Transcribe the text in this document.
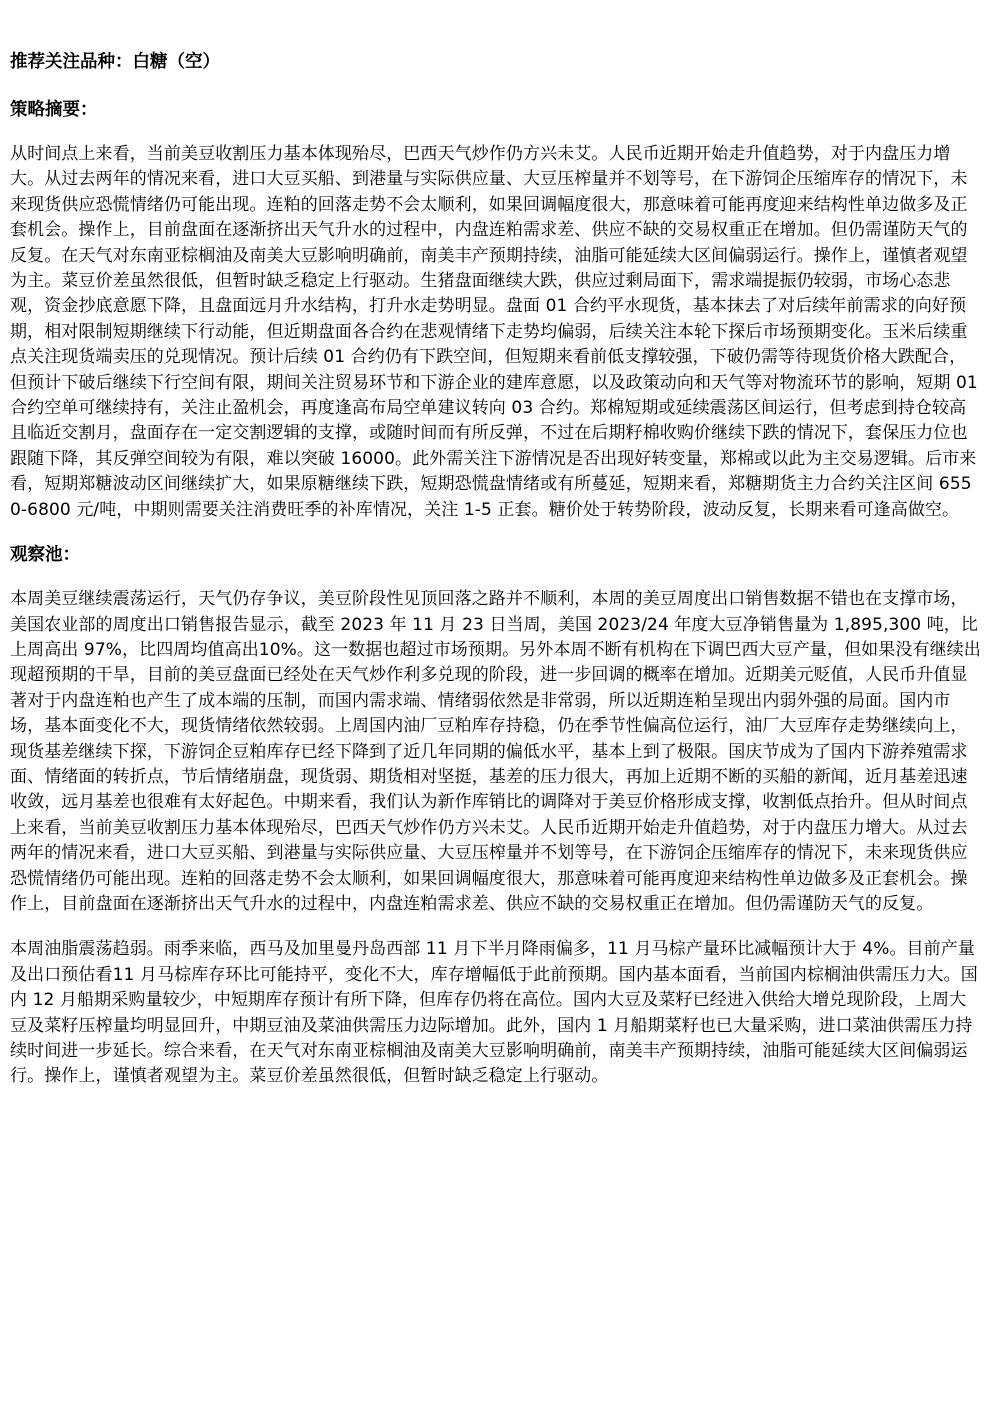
推荐关注品种：白糖（空）

策略摘要：

从时间点上来看，当前美豆收割压力基本体现殆尽，巴西天气炒作仍方兴未艾。人民币近期开始走升值趋势，对于内盘压力增大。从过去两年的情况来看，进口大豆买船、到港量与实际供应量、大豆压榨量并不划等号，在下游饲企压缩库存的情况下，未来现货供应恐慌情绪仍可能出现。连粕的回落走势不会太顺利，如果回调幅度很大，那意味着可能再度迎来结构性单边做多及正套机会。操作上，目前盘面在逐渐挤出天气升水的过程中，内盘连粕需求差、供应不缺的交易权重正在增加。但仍需谨防天气的反复。在天气对东南亚棕榈油及南美大豆影响明确前，南美丰产预期持续，油脂可能延续大区间偏弱运行。操作上，谨慎者观望为主。菜豆价差虽然很低，但暂时缺乏稳定上行驱动。生猪盘面继续大跌，供应过剩局面下，需求端提振仍较弱，市场心态悲观，资金抄底意愿下降，且盘面远月升水结构，打升水走势明显。盘面 01 合约平水现货，基本抹去了对后续年前需求的向好预期，相对限制短期继续下行动能，但近期盘面各合约在悲观情绪下走势均偏弱，后续关注本轮下探后市场预期变化。玉米后续重点关注现货端卖压的兑现情况。预计后续 01 合约仍有下跌空间，但短期来看前低支撑较强，下破仍需等待现货价格大跌配合，但预计下破后继续下行空间有限，期间关注贸易环节和下游企业的建库意愿，以及政策动向和天气等对物流环节的影响，短期 01 合约空单可继续持有，关注止盈机会，再度逢高布局空单建议转向 03 合约。郑棉短期或延续震荡区间运行，但考虑到持仓较高且临近交割月，盘面存在一定交割逻辑的支撑，或随时间而有所反弹，不过在后期籽棉收购价继续下跌的情况下，套保压力位也跟随下降，其反弹空间较为有限，难以突破 16000。此外需关注下游情况是否出现好转变量，郑棉或以此为主交易逻辑。后市来看，短期郑糖波动区间继续扩大，如果原糖继续下跌，短期恐慌盘情绪或有所蔓延，短期来看，郑糖期货主力合约关注区间 6550-6800 元/吨，中期则需要关注消费旺季的补库情况，关注 1-5 正套。糖价处于转势阶段，波动反复，长期来看可逢高做空。

观察池：

本周美豆继续震荡运行，天气仍存争议，美豆阶段性见顶回落之路并不顺利，本周的美豆周度出口销售数据不错也在支撑市场，美国农业部的周度出口销售报告显示，截至 2023 年 11 月 23 日当周，美国 2023/24 年度大豆净销售量为 1,895,300 吨，比上周高出 97%，比四周均值高出10%。这一数据也超过市场预期。另外本周不断有机构在下调巴西大豆产量，但如果没有继续出现超预期的干旱，目前的美豆盘面已经处在天气炒作利多兑现的阶段，进一步回调的概率在增加。近期美元贬值，人民币升值显著对于内盘连粕也产生了成本端的压制，而国内需求端、情绪弱依然是非常弱，所以近期连粕呈现出内弱外强的局面。国内市场，基本面变化不大，现货情绪依然较弱。上周国内油厂豆粕库存持稳，仍在季节性偏高位运行，油厂大豆库存走势继续向上，现货基差继续下探，下游饲企豆粕库存已经下降到了近几年同期的偏低水平，基本上到了极限。国庆节成为了国内下游养殖需求面、情绪面的转折点，节后情绪崩盘，现货弱、期货相对坚挺，基差的压力很大，再加上近期不断的买船的新闻，近月基差迅速收敛，远月基差也很难有太好起色。中期来看，我们认为新作库销比的调降对于美豆价格形成支撑，收割低点抬升。但从时间点上来看，当前美豆收割压力基本体现殆尽，巴西天气炒作仍方兴未艾。人民币近期开始走升值趋势，对于内盘压力增大。从过去两年的情况来看，进口大豆买船、到港量与实际供应量、大豆压榨量并不划等号，在下游饲企压缩库存的情况下，未来现货供应恐慌情绪仍可能出现。连粕的回落走势不会太顺利，如果回调幅度很大，那意味着可能再度迎来结构性单边做多及正套机会。操作上，目前盘面在逐渐挤出天气升水的过程中，内盘连粕需求差、供应不缺的交易权重正在增加。但仍需谨防天气的反复。

本周油脂震荡趋弱。雨季来临，西马及加里曼丹岛西部 11 月下半月降雨偏多，11 月马棕产量环比减幅预计大于 4%。目前产量及出口预估看11 月马棕库存环比可能持平，变化不大，库存增幅低于此前预期。国内基本面看，当前国内棕榈油供需压力大。国内 12 月船期采购量较少，中短期库存预计有所下降，但库存仍将在高位。国内大豆及菜籽已经进入供给大增兑现阶段，上周大豆及菜籽压榨量均明显回升，中期豆油及菜油供需压力边际增加。此外，国内 1 月船期菜籽也已大量采购，进口菜油供需压力持续时间进一步延长。综合来看，在天气对东南亚棕榈油及南美大豆影响明确前，南美丰产预期持续，油脂可能延续大区间偏弱运行。操作上，谨慎者观望为主。菜豆价差虽然很低，但暂时缺乏稳定上行驱动。
